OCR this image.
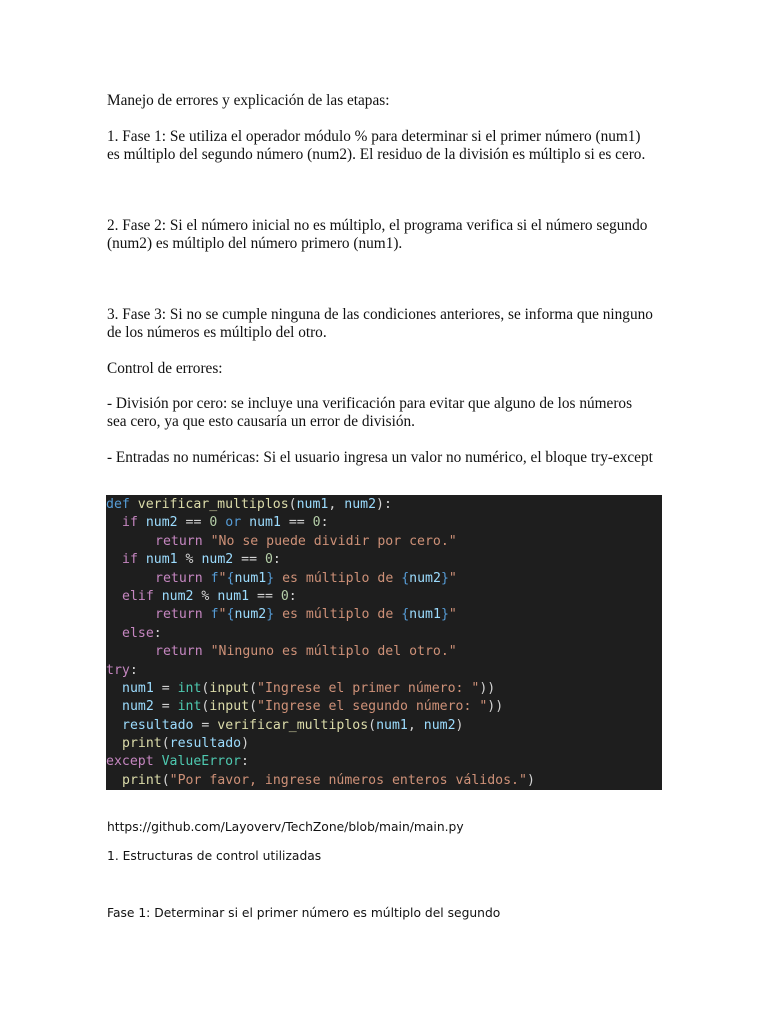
Manejo de errores y explicación de las etapas:

1. Fase 1: Se utiliza el operador módulo % para determinar si el primer número (num1) es múltiplo del segundo número (num2). El residuo de la división es múltiplo si es cero.

2. Fase 2: Si el número inicial no es múltiplo, el programa verifica si el número segundo (num2) es múltiplo del número primero (num1).

3. Fase 3: Si no se cumple ninguna de las condiciones anteriores, se informa que ninguno de los números es múltiplo del otro.

Control de errores:

- División por cero: se incluye una verificación para evitar que alguno de los números sea cero, ya que esto causaría un error de división.

- Entradas no numéricas: Si el usuario ingresa un valor no numérico, el bloque try-except

def verificar_multiplos(num1, num2):
if num2 == 0 or num1 == 0:
return "No se puede dividir por cero."
if num1 % num2 == 0:
return f"{num1} es múltiplo de {num2}"
elif num2 % num1 == 0:
return f"{num2} es múltiplo de {num1}"
else:
return "Ninguno es múltiplo del otro."
try:
num1 = int(input("Ingrese el primer número: "))
num2 = int(input("Ingrese el segundo número: "))
resultado = verificar_multiplos(num1, num2)
print(resultado)
except ValueError:
print("Por favor, ingrese números enteros válidos.")

https://github.com/Layoverv/TechZone/blob/main/main.py

1. Estructuras de control utilizadas

Fase 1: Determinar si el primer número es múltiplo del segundo
